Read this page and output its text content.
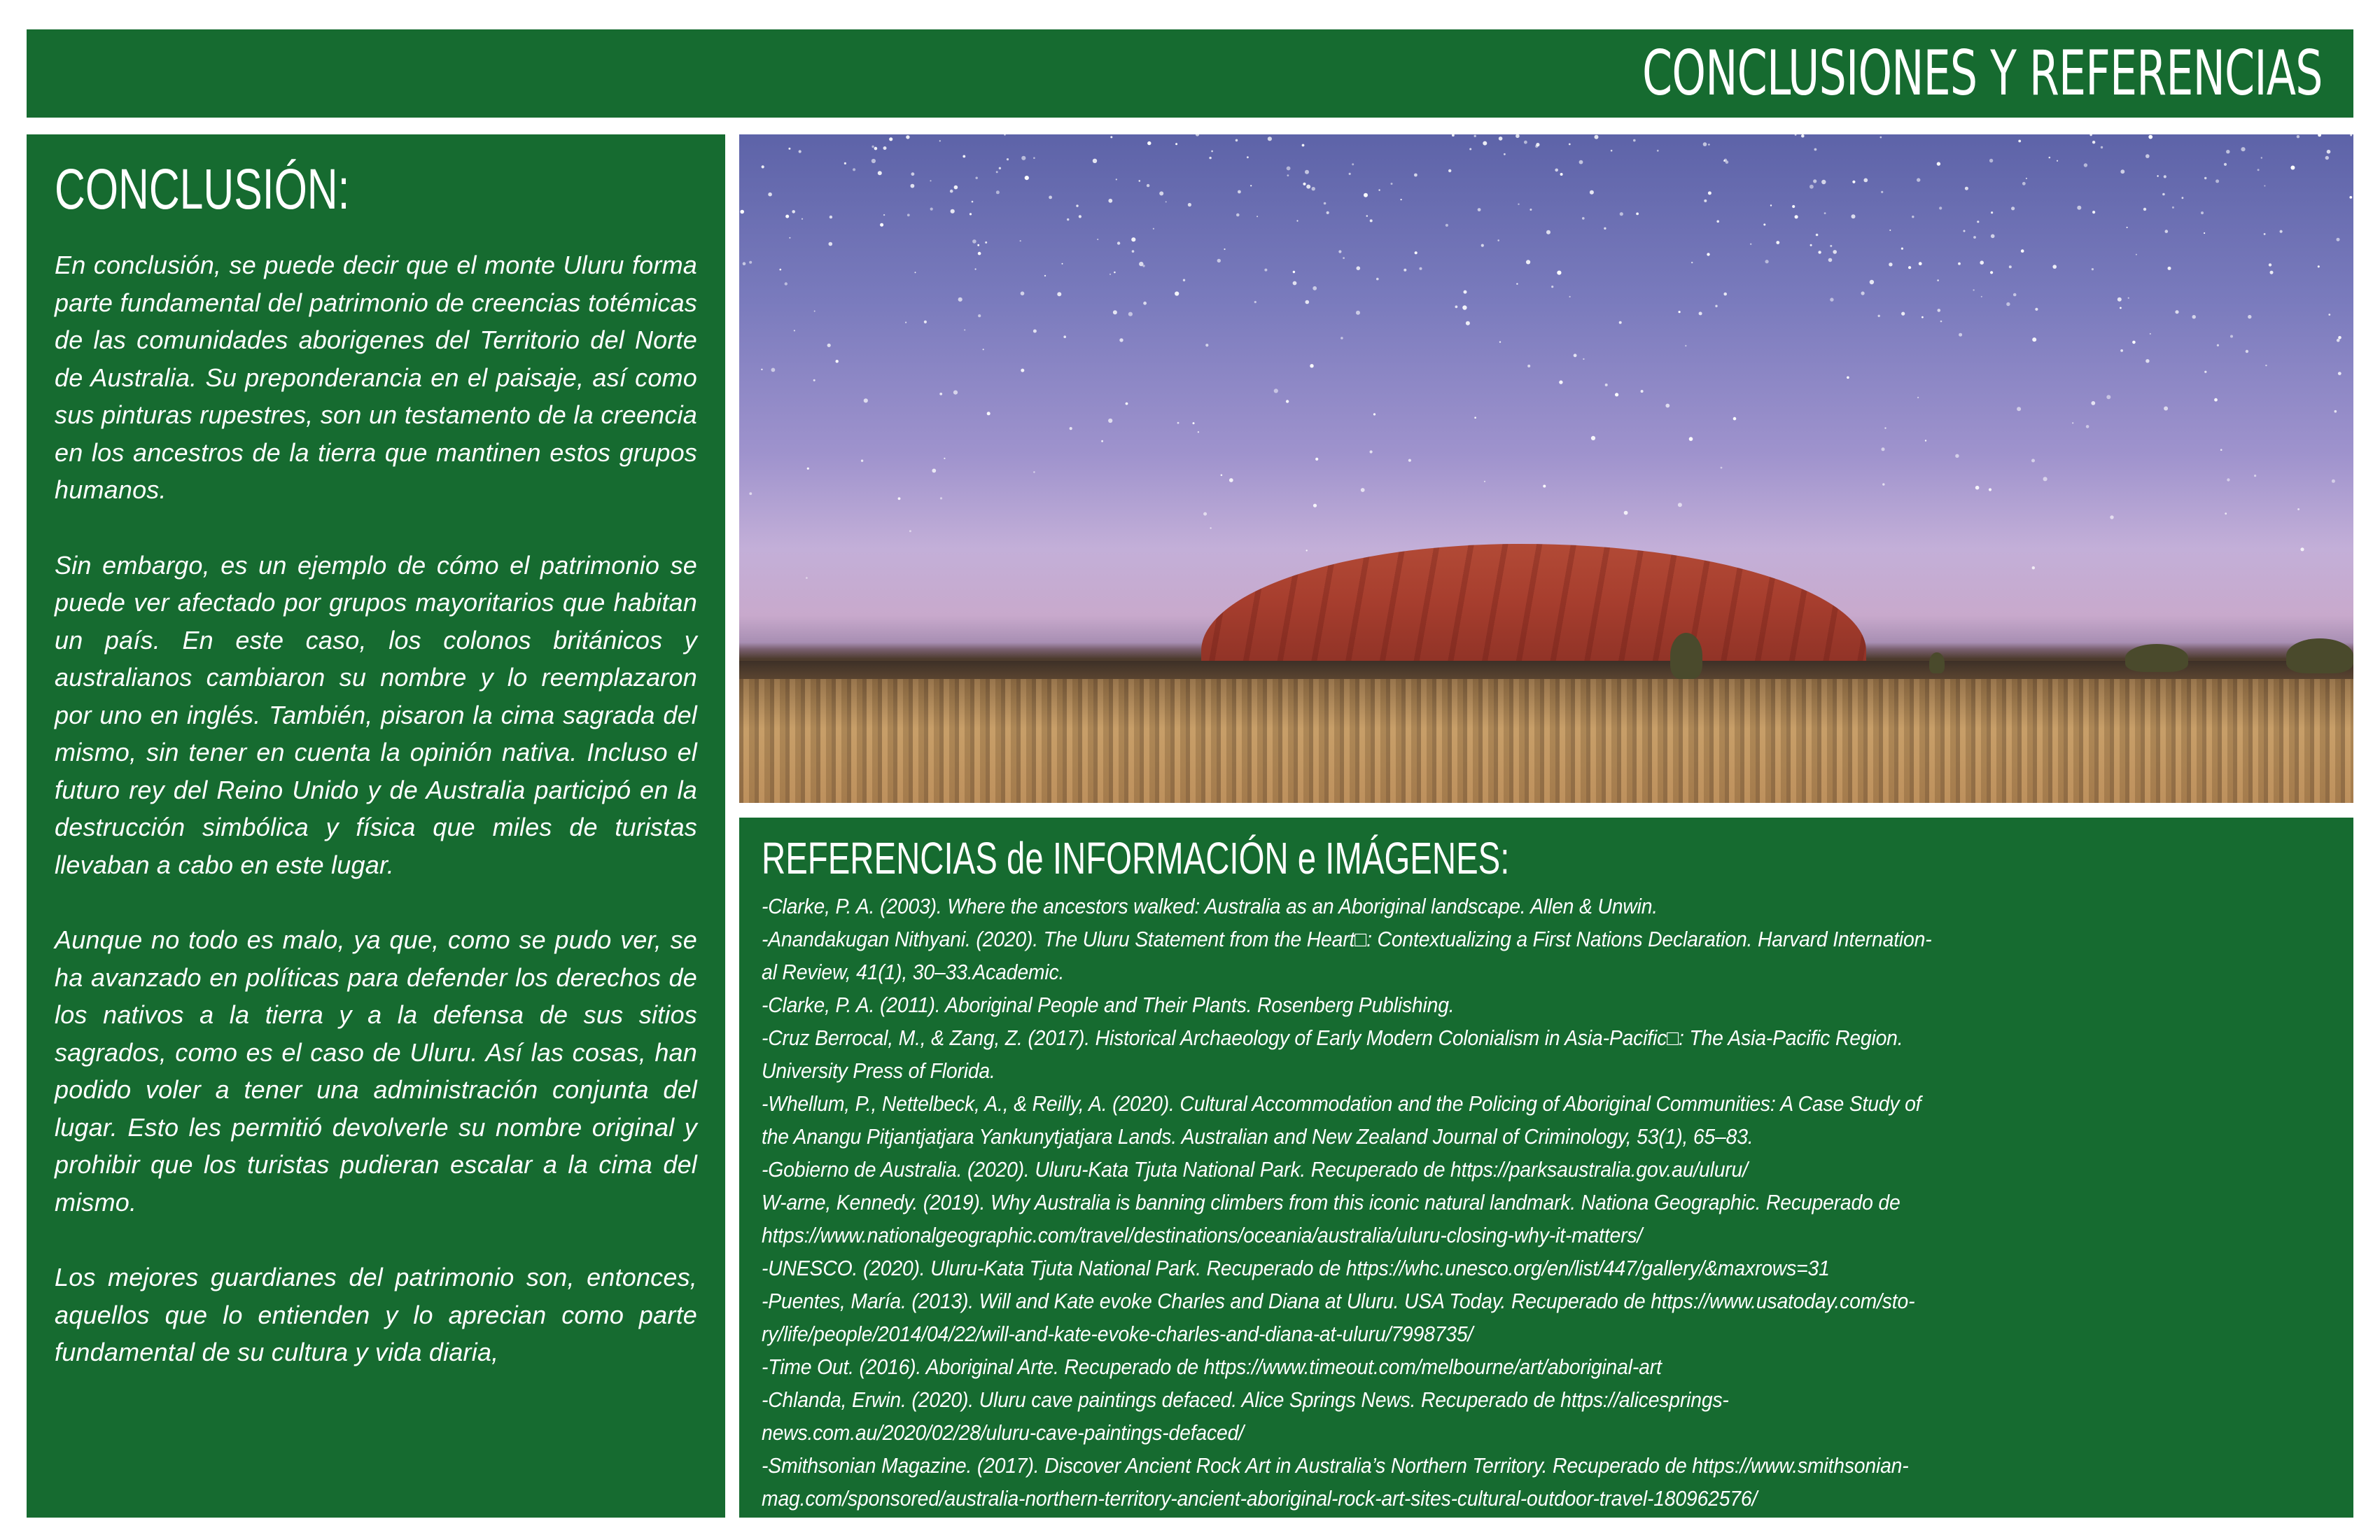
CONCLUSIONES Y REFERENCIAS
CONCLUSIÓN:

En conclusión, se puede decir que el monte Uluru forma parte fundamental del patrimonio de creencias totémicas de las comunidades aborigenes del Territorio del Norte de Australia. Su preponderancia en el paisaje, así como sus pinturas rupestres, son un testamento de la creencia en los ancestros de la tierra que mantinen estos grupos humanos.

Sin embargo, es un ejemplo de cómo el patrimonio se puede ver afectado por grupos mayoritarios que habitan un país. En este caso, los colonos británicos y australianos cambiaron su nombre y lo reemplazaron por uno en inglés. También, pisaron la cima sagrada del mismo, sin tener en cuenta la opinión nativa. Incluso el futuro rey del Reino Unido y de Australia participó en la destrucción simbólica y física que miles de turistas llevaban a cabo en este lugar.

Aunque no todo es malo, ya que, como se pudo ver, se ha avanzado en políticas para defender los derechos de los nativos a la tierra y a la defensa de sus sitios sagrados, como es el caso de Uluru. Así las cosas, han podido voler a tener una administración conjunta del lugar. Esto les permitió devolverle su nombre original y prohibir que los turistas pudieran escalar a la cima del mismo.

Los mejores guardianes del patrimonio son, entonces, aquellos que lo entienden y lo aprecian como parte fundamental de su cultura y vida diaria,

REFERENCIAS de INFORMACIÓN e IMÁGENES:
-Clarke, P. A. (2003). Where the ancestors walked: Australia as an Aboriginal landscape. Allen & Unwin.
-Anandakugan Nithyani. (2020). The Uluru Statement from the Heart□: Contextualizing a First Nations Declaration. Harvard Internation-
al Review, 41(1), 30–33.Academic.
-Clarke, P. A. (2011). Aboriginal People and Their Plants. Rosenberg Publishing.
-Cruz Berrocal, M., & Zang, Z. (2017). Historical Archaeology of Early Modern Colonialism in Asia-Pacific□: The Asia-Pacific Region.
University Press of Florida.
-Whellum, P., Nettelbeck, A., & Reilly, A. (2020). Cultural Accommodation and the Policing of Aboriginal Communities: A Case Study of
the Anangu Pitjantjatjara Yankunytjatjara Lands. Australian and New Zealand Journal of Criminology, 53(1), 65–83.
-Gobierno de Australia. (2020). Uluru-Kata Tjuta National Park. Recuperado de https://parksaustralia.gov.au/uluru/
W-arne, Kennedy. (2019). Why Australia is banning climbers from this iconic natural landmark. Nationa Geographic. Recuperado de
https://www.nationalgeographic.com/travel/destinations/oceania/australia/uluru-closing-why-it-matters/
-UNESCO. (2020). Uluru-Kata Tjuta National Park. Recuperado de https://whc.unesco.org/en/list/447/gallery/&maxrows=31
-Puentes, María. (2013). Will and Kate evoke Charles and Diana at Uluru. USA Today. Recuperado de https://www.usatoday.com/sto-
ry/life/people/2014/04/22/will-and-kate-evoke-charles-and-diana-at-uluru/7998735/
-Time Out. (2016). Aboriginal Arte. Recuperado de https://www.timeout.com/melbourne/art/aboriginal-art
-Chlanda, Erwin. (2020). Uluru cave paintings defaced. Alice Springs News. Recuperado de https://alicesprings-
news.com.au/2020/02/28/uluru-cave-paintings-defaced/
-Smithsonian Magazine. (2017). Discover Ancient Rock Art in Australia’s Northern Territory. Recuperado de https://www.smithsonian-
mag.com/sponsored/australia-northern-territory-ancient-aboriginal-rock-art-sites-cultural-outdoor-travel-180962576/
